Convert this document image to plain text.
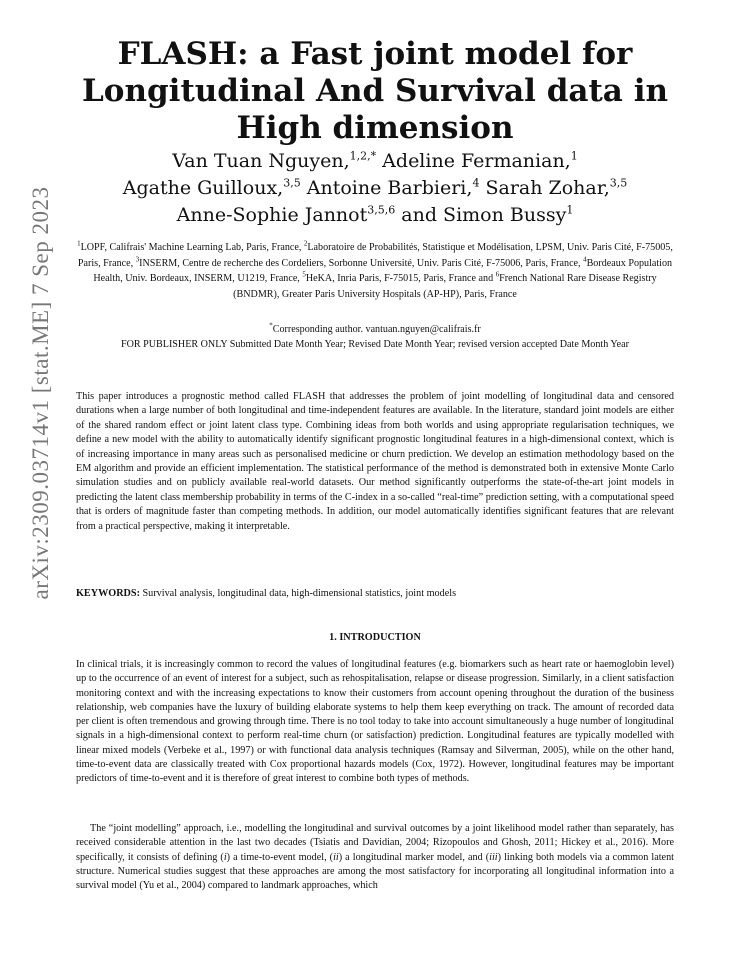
arXiv:2309.03714v1 [stat.ME] 7 Sep 2023
FLASH: a Fast joint model for Longitudinal And Survival data in High dimension
Van Tuan Nguyen,$^{1,2,*}$ Adeline Fermanian,$^1$
Agathe Guilloux,$^{3,5}$ Antoine Barbieri,$^4$ Sarah Zohar,$^{3,5}$
Anne-Sophie Jannot$^{3,5,6}$ and Simon Bussy$^1$

$^1$LOPF, Califrais' Machine Learning Lab, Paris, France, $^2$Laboratoire de Probabilités, Statistique et Modélisation, LPSM, Univ. Paris Cité, F-75005, Paris, France, $^3$INSERM, Centre de recherche des Cordeliers, Sorbonne Université, Univ. Paris Cité, F-75006, Paris, France, $^4$Bordeaux Population Health, Univ. Bordeaux, INSERM, U1219, France, $^5$HeKA, Inria Paris, F-75015, Paris, France and $^6$French National Rare Disease Registry (BNDMR), Greater Paris University Hospitals (AP-HP), Paris, France

*Corresponding author. vantuan.nguyen@califrais.fr
FOR PUBLISHER ONLY Submitted Date Month Year; Revised Date Month Year; revised version accepted Date Month Year

This paper introduces a prognostic method called FLASH that addresses the problem of joint modelling of longitudinal data and censored durations when a large number of both longitudinal and time-independent features are available. In the literature, standard joint models are either of the shared random effect or joint latent class type. Combining ideas from both worlds and using appropriate regularisation techniques, we define a new model with the ability to automatically identify significant prognostic longitudinal features in a high-dimensional context, which is of increasing importance in many areas such as personalised medicine or churn prediction. We develop an estimation methodology based on the EM algorithm and provide an efficient implementation. The statistical performance of the method is demonstrated both in extensive Monte Carlo simulation studies and on publicly available real-world datasets. Our method significantly outperforms the state-of-the-art joint models in predicting the latent class membership probability in terms of the C-index in a so-called “real-time” prediction setting, with a computational speed that is orders of magnitude faster than competing methods. In addition, our model automatically identifies significant features that are relevant from a practical perspective, making it interpretable.

KEYWORDS: Survival analysis, longitudinal data, high-dimensional statistics, joint models

1. INTRODUCTION

In clinical trials, it is increasingly common to record the values of longitudinal features (e.g. biomarkers such as heart rate or haemoglobin level) up to the occurrence of an event of interest for a subject, such as rehospitalisation, relapse or disease progression. Similarly, in a client satisfaction monitoring context and with the increasing expectations to know their customers from account opening throughout the duration of the business relationship, web companies have the luxury of building elaborate systems to help them keep everything on track. The amount of recorded data per client is often tremendous and growing through time. There is no tool today to take into account simultaneously a huge number of longitudinal signals in a high-dimensional context to perform real-time churn (or satisfaction) prediction. Longitudinal features are typically modelled with linear mixed models (Verbeke et al., 1997) or with functional data analysis techniques (Ramsay and Silverman, 2005), while on the other hand, time-to-event data are classically treated with Cox proportional hazards models (Cox, 1972). However, longitudinal features may be important predictors of time-to-event and it is therefore of great interest to combine both types of methods.

The “joint modelling” approach, i.e., modelling the longitudinal and survival outcomes by a joint likelihood model rather than separately, has received considerable attention in the last two decades (Tsiatis and Davidian, 2004; Rizopoulos and Ghosh, 2011; Hickey et al., 2016). More specifically, it consists of defining (i) a time-to-event model, (ii) a longitudinal marker model, and (iii) linking both models via a common latent structure. Numerical studies suggest that these approaches are among the most satisfactory for incorporating all longitudinal information into a survival model (Yu et al., 2004) compared to landmark approaches, which
